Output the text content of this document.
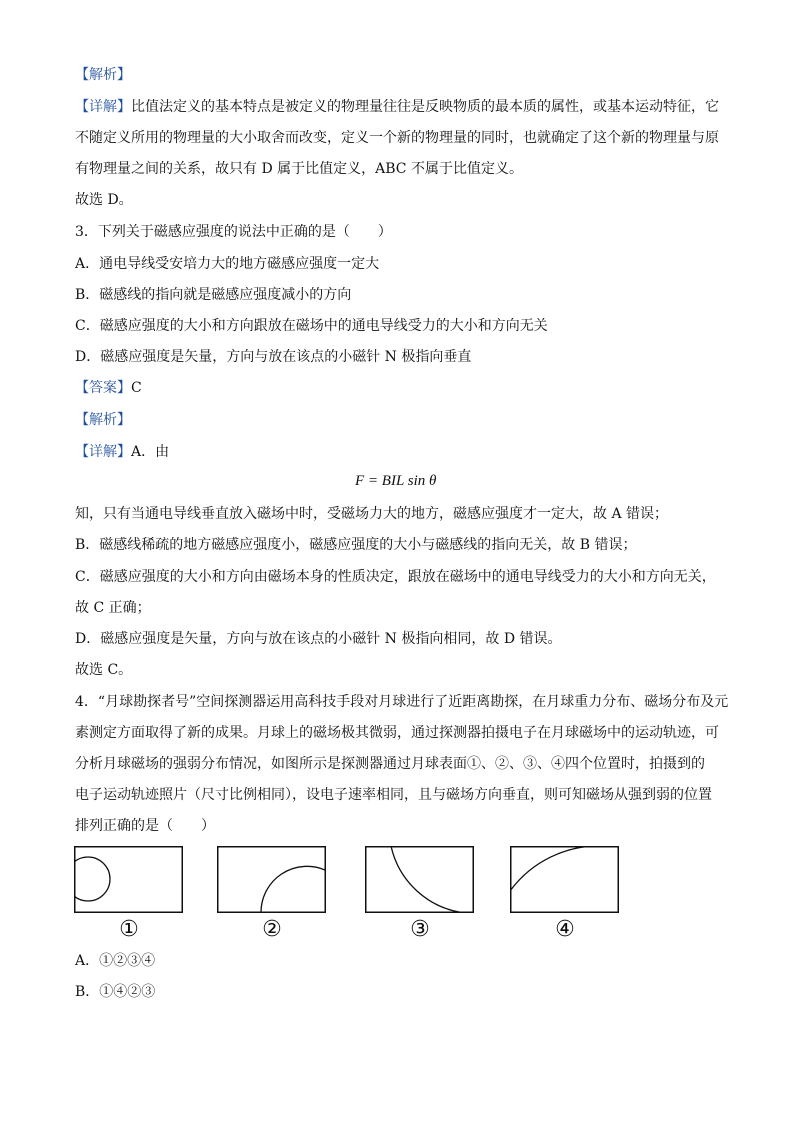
【解析】
【详解】比值法定义的基本特点是被定义的物理量往往是反映物质的最本质的属性，或基本运动特征，它
不随定义所用的物理量的大小取舍而改变，定义一个新的物理量的同时，也就确定了这个新的物理量与原
有物理量之间的关系，故只有 D 属于比值定义，ABC 不属于比值定义。
故选 D。
3．下列关于磁感应强度的说法中正确的是（　　）
A．通电导线受安培力大的地方磁感应强度一定大
B．磁感线的指向就是磁感应强度减小的方向
C．磁感应强度的大小和方向跟放在磁场中的通电导线受力的大小和方向无关
D．磁感应强度是矢量，方向与放在该点的小磁针 N 极指向垂直
【答案】C
【解析】
【详解】A．由
F = BIL sin θ
知，只有当通电导线垂直放入磁场中时，受磁场力大的地方，磁感应强度才一定大，故 A 错误；
B．磁感线稀疏的地方磁感应强度小，磁感应强度的大小与磁感线的指向无关，故 B 错误；
C．磁感应强度的大小和方向由磁场本身的性质决定，跟放在磁场中的通电导线受力的大小和方向无关，
故 C 正确；
D．磁感应强度是矢量，方向与放在该点的小磁针 N 极指向相同，故 D 错误。
故选 C。
4．“月球勘探者号”空间探测器运用高科技手段对月球进行了近距离勘探，在月球重力分布、磁场分布及元
素测定方面取得了新的成果。月球上的磁场极其微弱，通过探测器拍摄电子在月球磁场中的运动轨迹，可
分析月球磁场的强弱分布情况，如图所示是探测器通过月球表面①、②、③、④四个位置时，拍摄到的
电子运动轨迹照片（尺寸比例相同），设电子速率相同，且与磁场方向垂直，则可知磁场从强到弱的位置
排列正确的是（　　）
①	②	③	④
A．①②③④
B．①④②③
